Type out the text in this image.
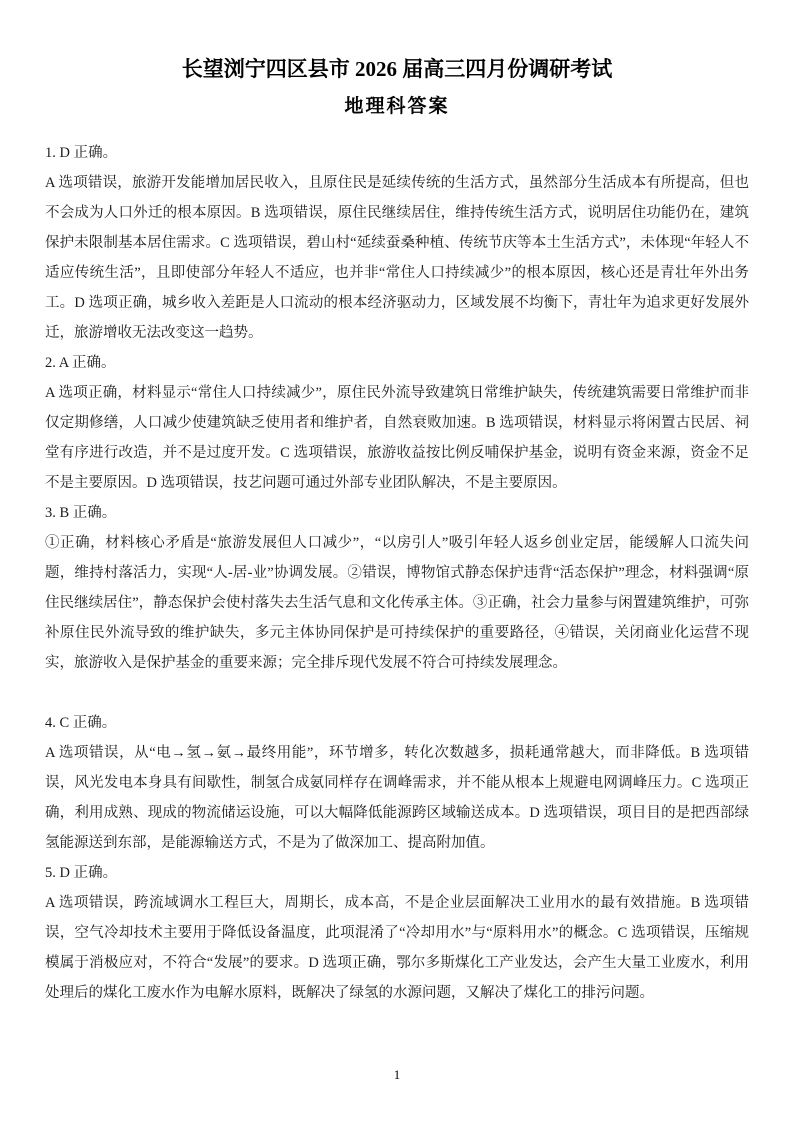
长望浏宁四区县市 2026 届高三四月份调研考试
地理科答案

1. D 正确。

A 选项错误，旅游开发能增加居民收入，且原住民是延续传统的生活方式，虽然部分生活成本有所提高，但也不会成为人口外迁的根本原因。B 选项错误，原住民继续居住，维持传统生活方式，说明居住功能仍在，建筑保护未限制基本居住需求。C 选项错误，碧山村“延续蚕桑种植、传统节庆等本土生活方式”，未体现“年轻人不适应传统生活”，且即使部分年轻人不适应，也并非“常住人口持续减少”的根本原因，核心还是青壮年外出务工。D 选项正确，城乡收入差距是人口流动的根本经济驱动力，区域发展不均衡下，青壮年为追求更好发展外迁，旅游增收无法改变这一趋势。

2. A 正确。

A 选项正确，材料显示“常住人口持续减少”，原住民外流导致建筑日常维护缺失，传统建筑需要日常维护而非仅定期修缮，人口减少使建筑缺乏使用者和维护者，自然衰败加速。B 选项错误，材料显示将闲置古民居、祠堂有序进行改造，并不是过度开发。C 选项错误，旅游收益按比例反哺保护基金，说明有资金来源，资金不足不是主要原因。D 选项错误，技艺问题可通过外部专业团队解决，不是主要原因。

3. B 正确。

①正确，材料核心矛盾是“旅游发展但人口减少”，“以房引人”吸引年轻人返乡创业定居，能缓解人口流失问题，维持村落活力，实现“人-居-业”协调发展。②错误，博物馆式静态保护违背“活态保护”理念，材料强调“原住民继续居住”，静态保护会使村落失去生活气息和文化传承主体。③正确，社会力量参与闲置建筑维护，可弥补原住民外流导致的维护缺失，多元主体协同保护是可持续保护的重要路径，④错误，关闭商业化运营不现实，旅游收入是保护基金的重要来源；完全排斥现代发展不符合可持续发展理念。

4. C 正确。

A 选项错误，从“电→氢→氨→最终用能”，环节增多，转化次数越多，损耗通常越大，而非降低。B 选项错误，风光发电本身具有间歇性，制氢合成氨同样存在调峰需求，并不能从根本上规避电网调峰压力。C 选项正确，利用成熟、现成的物流储运设施，可以大幅降低能源跨区域输送成本。D 选项错误，项目目的是把西部绿氢能源送到东部，是能源输送方式，不是为了做深加工、提高附加值。

5. D 正确。

A 选项错误，跨流域调水工程巨大，周期长，成本高，不是企业层面解决工业用水的最有效措施。B 选项错误，空气冷却技术主要用于降低设备温度，此项混淆了“冷却用水”与“原料用水”的概念。C 选项错误，压缩规模属于消极应对，不符合“发展”的要求。D 选项正确，鄂尔多斯煤化工产业发达，会产生大量工业废水，利用处理后的煤化工废水作为电解水原料，既解决了绿氢的水源问题，又解决了煤化工的排污问题。

1
